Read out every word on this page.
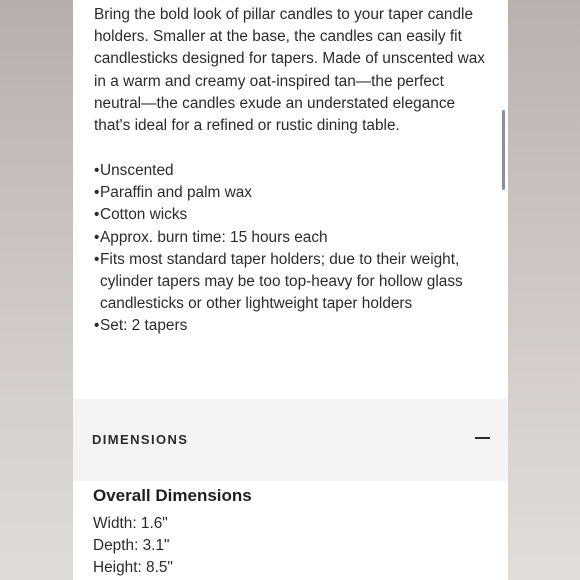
Bring the bold look of pillar candles to your taper candle holders. Smaller at the base, the candles can easily fit candlesticks designed for tapers. Made of unscented wax in a warm and creamy oat-inspired tan—the perfect neutral—the candles exude an understated elegance that's ideal for a refined or rustic dining table.

• Unscented
• Paraffin and palm wax
• Cotton wicks
• Approx. burn time: 15 hours each
• Fits most standard taper holders; due to their weight, cylinder tapers may be too top-heavy for hollow glass candlesticks or other lightweight taper holders
• Set: 2 tapers
DIMENSIONS
Overall Dimensions
Width: 1.6"
Depth: 3.1"
Height: 8.5"
